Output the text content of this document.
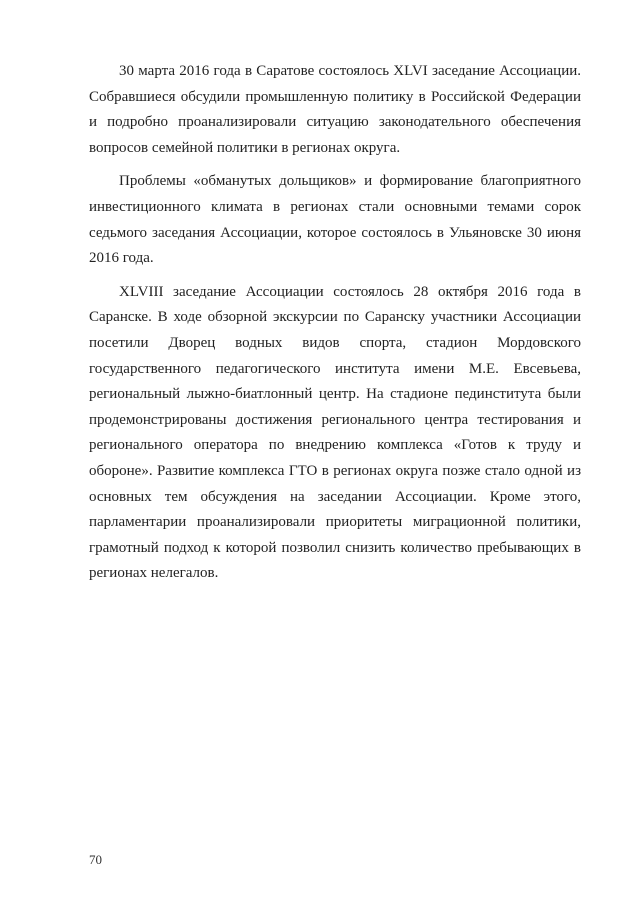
30 марта 2016 года в Саратове состоялось XLVI заседание Ассоциации. Собравшиеся обсудили промышленную политику в Российской Федерации и подробно проанализировали ситуацию законодательного обеспечения вопросов семейной политики в регионах округа.

Проблемы «обманутых дольщиков» и формирование благоприятного инвестиционного климата в регионах стали основными темами сорок седьмого заседания Ассоциации, которое состоялось в Ульяновске 30 июня 2016 года.

XLVIII заседание Ассоциации состоялось 28 октября 2016 года в Саранске. В ходе обзорной экскурсии по Саранску участники Ассоциации посетили Дворец водных видов спорта, стадион Мордовского государственного педагогического института имени М.Е. Евсевьева, региональный лыжно-биатлонный центр. На стадионе пединститута были продемонстрированы достижения регионального центра тестирования и регионального оператора по внедрению комплекса «Готов к труду и обороне». Развитие комплекса ГТО в регионах округа позже стало одной из основных тем обсуждения на заседании Ассоциации. Кроме этого, парламентарии проанализировали приоритеты миграционной политики, грамотный подход к которой позволил снизить количество пребывающих в регионах нелегалов.

70
